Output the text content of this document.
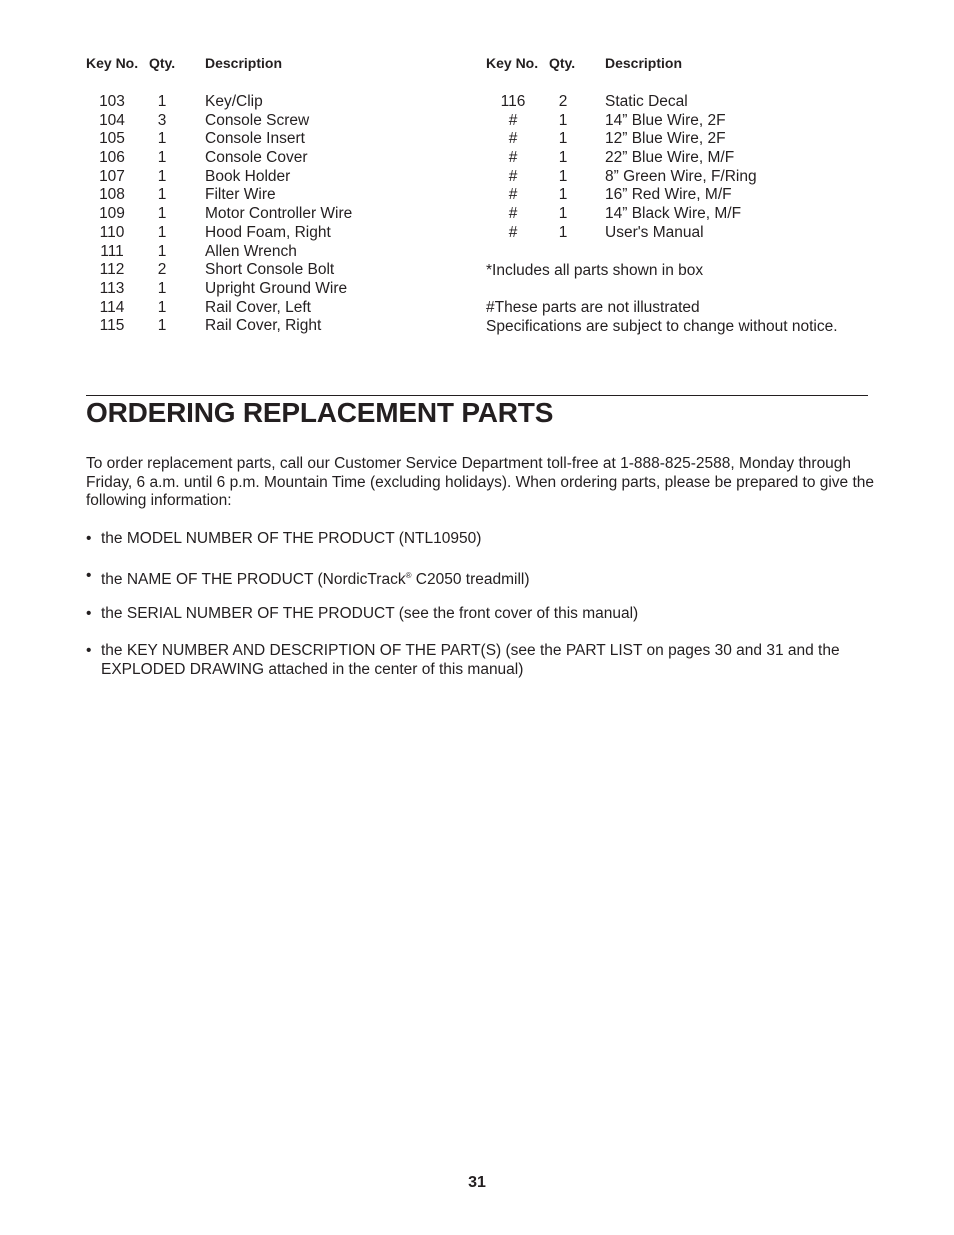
Key No. Qty. Description	Key No. Qty. Description
103 1 Key/Clip
104 3 Console Screw
105 1 Console Insert
106 1 Console Cover
107 1 Book Holder
108 1 Filter Wire
109 1 Motor Controller Wire
110 1 Hood Foam, Right
111 1 Allen Wrench
112 2 Short Console Bolt
113 1 Upright Ground Wire
114 1 Rail Cover, Left
115 1 Rail Cover, Right
116 2 Static Decal
#	1 14” Blue Wire, 2F
#	1 12” Blue Wire, 2F
#	1 22” Blue Wire, M/F
#	1 8” Green Wire, F/Ring
#	1 16” Red Wire, M/F
#	1 14” Black Wire, M/F
#	1 User's Manual
*Includes all parts shown in box
#These parts are not illustrated
Specifications are subject to change without notice.
ORDERING REPLACEMENT PARTS
To order replacement parts, call our Customer Service Department toll-free at 1-888-825-2588, Monday through Friday, 6 a.m. until 6 p.m. Mountain Time (excluding holidays). When ordering parts, please be prepared to give the following information:
• the MODEL NUMBER OF THE PRODUCT (NTL10950)
• the NAME OF THE PRODUCT (NordicTrack® C2050 treadmill)
• the SERIAL NUMBER OF THE PRODUCT (see the front cover of this manual)
• the KEY NUMBER AND DESCRIPTION OF THE PART(S) (see the PART LIST on pages 30 and 31 and the EXPLODED DRAWING attached in the center of this manual)
31
